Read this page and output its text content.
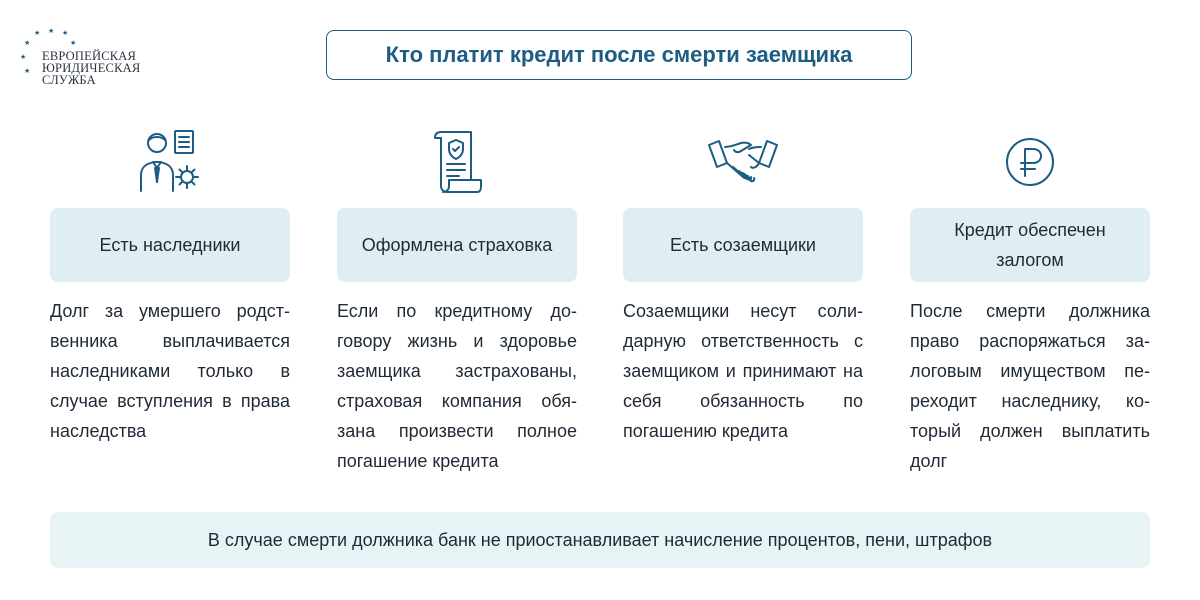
★ ★ ★
★
★
★
★
ЕВРОПЕЙСКАЯ
ЮРИДИЧЕСКАЯ
СЛУЖБА
Кто платит кредит после смерти заемщика
Есть наследники
Долг за умершего родственника выплачивается наследниками только в случае вступления в права наследства
Оформлена страховка
Если по кредитному договору жизнь и здоровье заемщика застрахованы, страховая компания обязана произвести полное погашение кредита
Есть созаемщики
Созаемщики несут солидарную ответственность с заемщиком и принимают на себя обязанность по погашению кредита
Кредит обеспечен залогом
После смерти должника право распоряжаться залоговым имуществом переходит наследнику, который должен выплатить долг
В случае смерти должника банк не приостанавливает начисление процентов, пени, штрафов
